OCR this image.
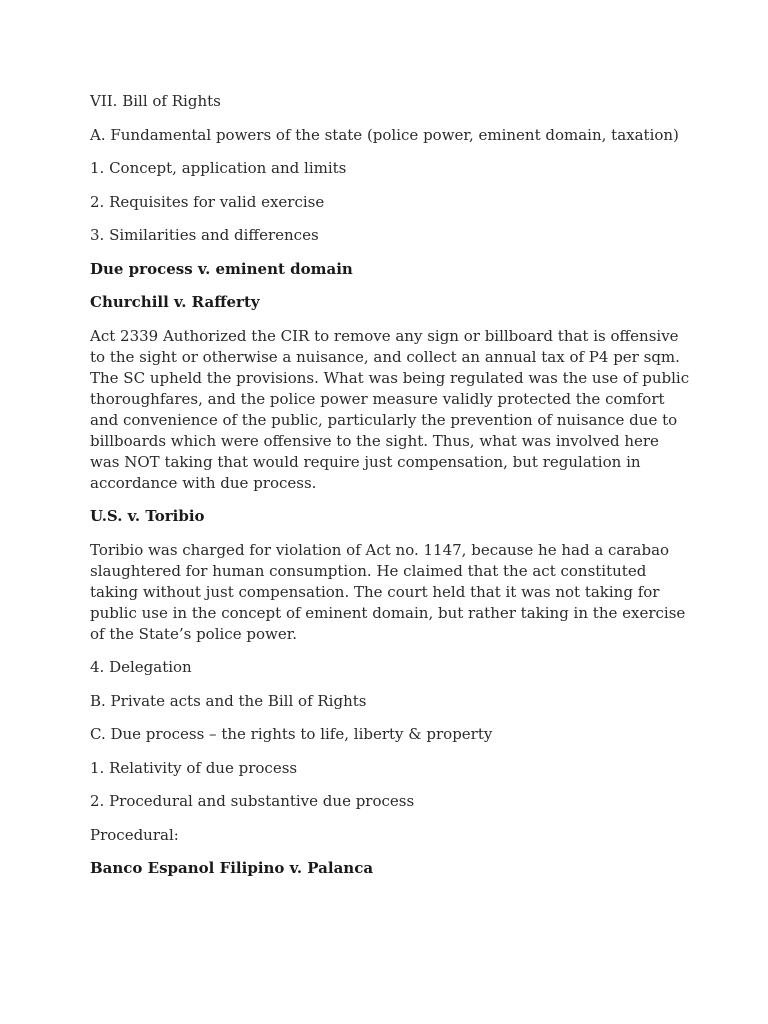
VII. Bill of Rights

A. Fundamental powers of the state (police power, eminent domain, taxation)

1. Concept, application and limits

2. Requisites for valid exercise

3. Similarities and differences

Due process v. eminent domain

Churchill v. Rafferty

Act 2339 Authorized the CIR to remove any sign or billboard that is offensive to the sight or otherwise a nuisance, and collect an annual tax of P4 per sqm. The SC upheld the provisions. What was being regulated was the use of public thoroughfares, and the police power measure validly protected the comfort and convenience of the public, particularly the prevention of nuisance due to billboards which were offensive to the sight. Thus, what was involved here was NOT taking that would require just compensation, but regulation in accordance with due process.

U.S. v. Toribio

Toribio was charged for violation of Act no. 1147, because he had a carabao slaughtered for human consumption. He claimed that the act constituted taking without just compensation. The court held that it was not taking for public use in the concept of eminent domain, but rather taking in the exercise of the State’s police power.

4. Delegation

B. Private acts and the Bill of Rights

C. Due process – the rights to life, liberty & property

1. Relativity of due process

2. Procedural and substantive due process

Procedural:

Banco Espanol Filipino v. Palanca
